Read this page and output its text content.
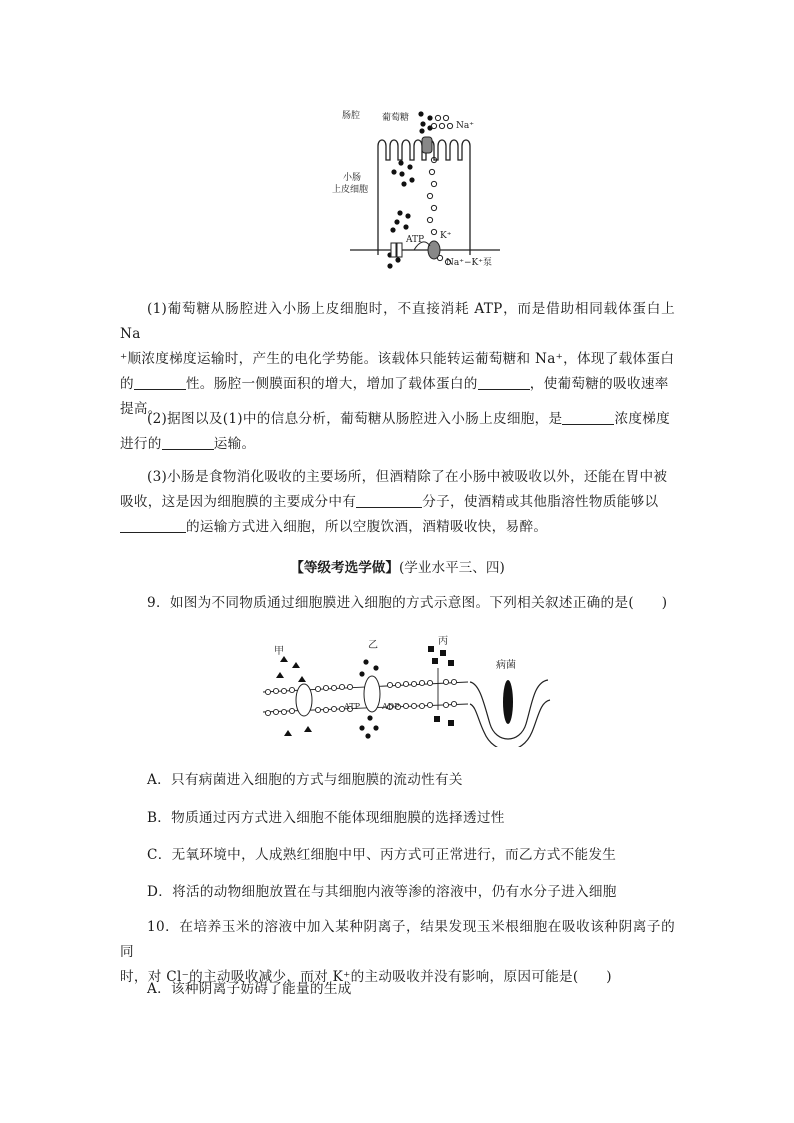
肠腔 葡萄糖
Na⁺
小肠
上皮细胞
ATP K⁺
Na⁺−K⁺泵
(1)葡萄糖从肠腔进入小肠上皮细胞时，不直接消耗 ATP，而是借助相同载体蛋白上 Na
⁺顺浓度梯度运输时，产生的电化学势能。该载体只能转运葡萄糖和 Na⁺，体现了载体蛋白
的	性。肠腔一侧膜面积的增大，增加了载体蛋白的	，使葡萄糖的吸收速率
提高。
(2)据图以及(1)中的信息分析，葡萄糖从肠腔进入小肠上皮细胞，是	浓度梯度
进行的	运输。
(3)小肠是食物消化吸收的主要场所，但酒精除了在小肠中被吸收以外，还能在胃中被
吸收，这是因为细胞膜的主要成分中有	分子，使酒精或其他脂溶性物质能够以
的运输方式进入细胞，所以空腹饮酒，酒精吸收快，易醉。
【等级考选学做】(学业水平三、四)
9．如图为不同物质通过细胞膜进入细胞的方式示意图。下列相关叙述正确的是(　　)
甲
乙	丙
病菌
ATP	ADP
A．只有病菌进入细胞的方式与细胞膜的流动性有关
B．物质通过丙方式进入细胞不能体现细胞膜的选择透过性
C．无氧环境中，人成熟红细胞中甲、丙方式可正常进行，而乙方式不能发生
D．将活的动物细胞放置在与其细胞内液等渗的溶液中，仍有水分子进入细胞
10．在培养玉米的溶液中加入某种阴离子，结果发现玉米根细胞在吸收该种阴离子的同
时，对 Cl⁻的主动吸收减少，而对 K⁺的主动吸收并没有影响，原因可能是(　　)
A．该种阴离子妨碍了能量的生成
